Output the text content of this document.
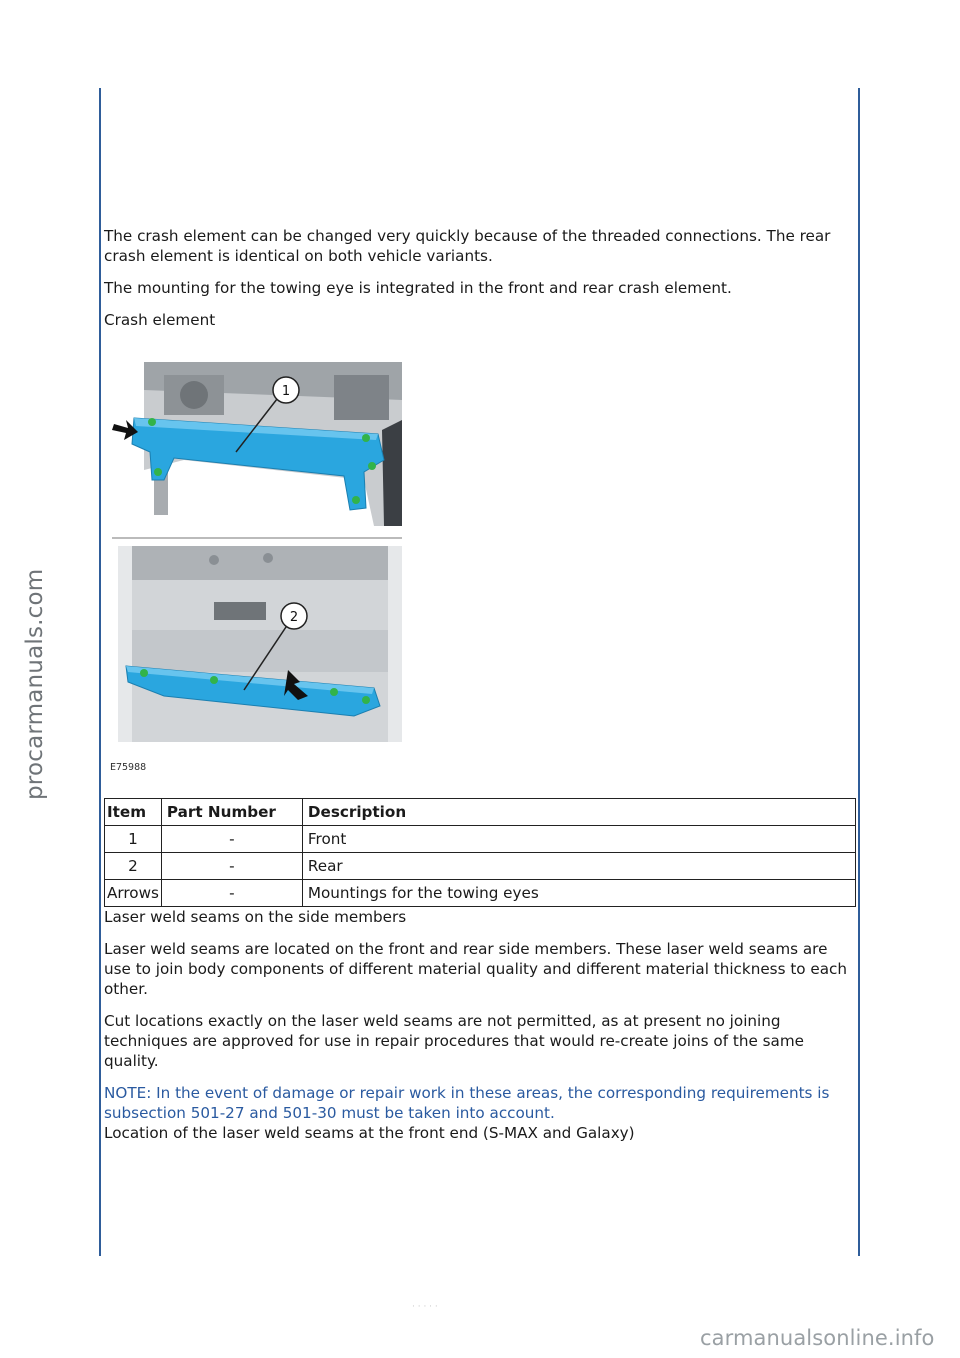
procarmanuals.com

The crash element can be changed very quickly because of the threaded connections. The rear crash element is identical on both vehicle variants.

The mounting for the towing eye is integrated in the front and rear crash element.

Crash element

1
2
E75988
Item	Part Number	Description
1	-	Front
2	-	Rear
Arrows	-	Mountings for the towing eyes

Laser weld seams on the side members

Laser weld seams are located on the front and rear side members. These laser weld seams are use to join body components of different material quality and different material thickness to each other.

Cut locations exactly on the laser weld seams are not permitted, as at present no joining techniques are approved for use in repair procedures that would re-create joins of the same quality.

NOTE: In the event of damage or repair work in these areas, the corresponding requirements is subsection 501-27 and 501-30 must be taken into account.

Location of the laser weld seams at the front end (S-MAX and Galaxy)

· · · · ·
carmanualsonline.info
